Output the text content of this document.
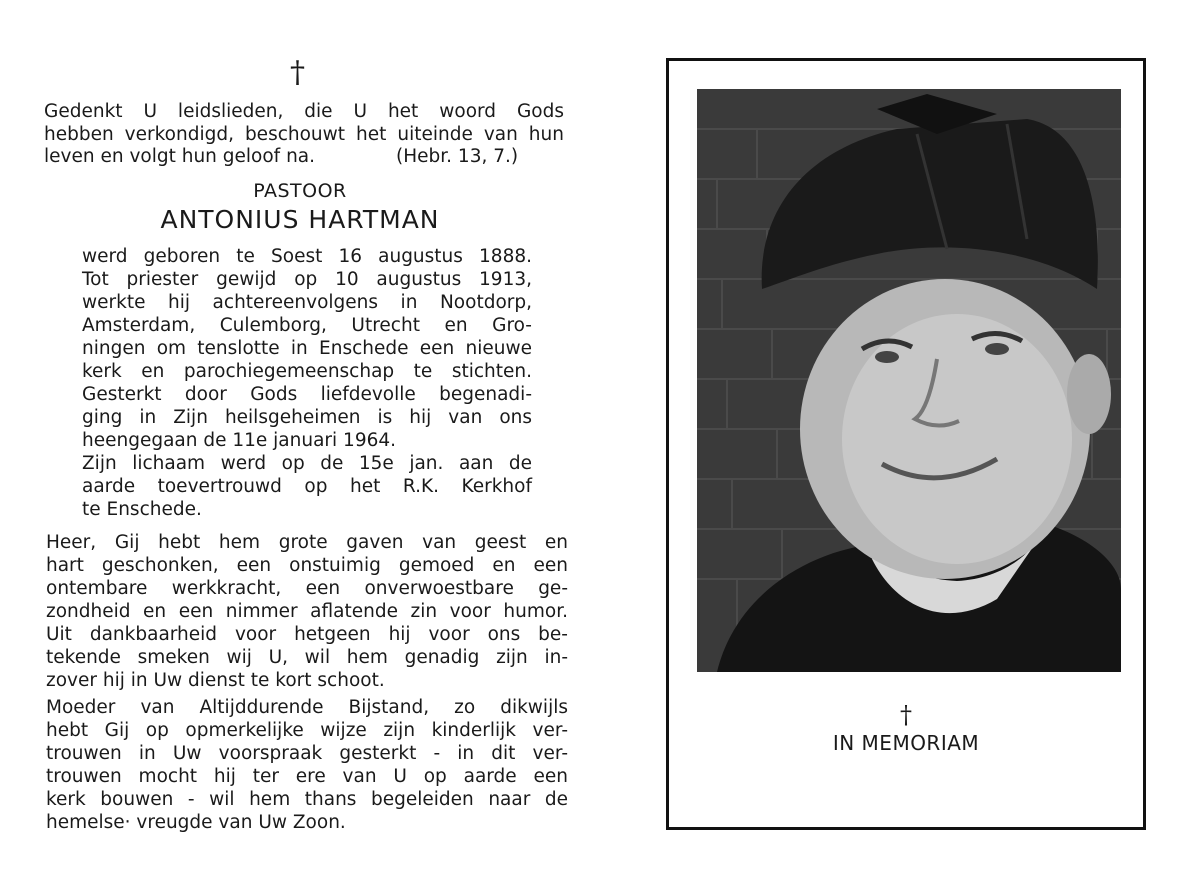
†
Gedenkt U leidslieden, die U het woord Gods
hebben verkondigd, beschouwt het uiteinde van hun
leven en volgt hun geloof na.	(Hebr. 13, 7.)
PASTOOR
ANTONIUS HARTMAN
werd geboren te Soest 16 augustus 1888.
Tot priester gewijd op 10 augustus 1913,
werkte hij achtereenvolgens in Nootdorp,
Amsterdam, Culemborg, Utrecht en Gro-
ningen om tenslotte in Enschede een nieuwe
kerk en parochiegemeenschap te stichten.
Gesterkt door Gods liefdevolle begenadi-
ging in Zijn heilsgeheimen is hij van ons
heengegaan de 11e januari 1964.
Zijn lichaam werd op de 15e jan. aan de
aarde toevertrouwd op het R.K. Kerkhof
te Enschede.
Heer, Gij hebt hem grote gaven van geest en
hart geschonken, een onstuimig gemoed en een
ontembare werkkracht, een onverwoestbare ge-
zondheid en een nimmer aflatende zin voor humor.
Uit dankbaarheid voor hetgeen hij voor ons be-
tekende smeken wij U, wil hem genadig zijn in-
zover hij in Uw dienst te kort schoot.
Moeder van Altijddurende Bijstand, zo dikwijls
hebt Gij op opmerkelijke wijze zijn kinderlijk ver-
trouwen in Uw voorspraak gesterkt - in dit ver-
trouwen mocht hij ter ere van U op aarde een
kerk bouwen - wil hem thans begeleiden naar de
hemelse· vreugde van Uw Zoon.
†
IN MEMORIAM
